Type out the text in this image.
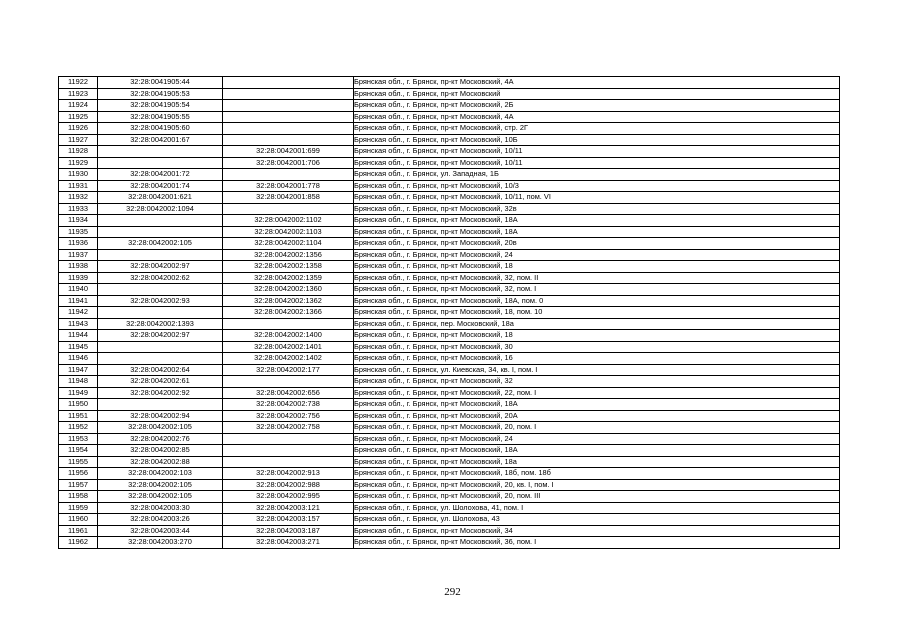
11922	32:28:0041905:44		Брянская обл., г. Брянск, пр-кт Московский, 4А
11923	32:28:0041905:53		Брянская обл., г. Брянск, пр-кт Московский
11924	32:28:0041905:54		Брянская обл., г. Брянск, пр-кт Московский, 2Б
11925	32:28:0041905:55		Брянская обл., г. Брянск, пр-кт Московский, 4А
11926	32:28:0041905:60		Брянская обл., г. Брянск, пр-кт Московский, стр. 2Г
11927	32:28:0042001:67		Брянская обл., г. Брянск, пр-кт Московский, 10Б
11928		32:28:0042001:699	Брянская обл., г. Брянск, пр-кт Московский, 10/11
11929		32:28:0042001:706	Брянская обл., г. Брянск, пр-кт Московский, 10/11
11930	32:28:0042001:72		Брянская обл., г. Брянск, ул. Западная, 1Б
11931	32:28:0042001:74	32:28:0042001:778	Брянская обл., г. Брянск, пр-кт Московский, 10/3
11932	32:28:0042001:621	32:28:0042001:858	Брянская обл., г. Брянск, пр-кт Московский, 10/11, пом. VI
11933	32:28:0042002:1094		Брянская обл., г. Брянск, пр-кт Московский, 32в
11934		32:28:0042002:1102	Брянская обл., г. Брянск, пр-кт Московский, 18А
11935		32:28:0042002:1103	Брянская обл., г. Брянск, пр-кт Московский, 18А
11936	32:28:0042002:105	32:28:0042002:1104	Брянская обл., г. Брянск, пр-кт Московский, 20в
11937		32:28:0042002:1356	Брянская обл., г. Брянск, пр-кт Московский, 24
11938	32:28:0042002:97	32:28:0042002:1358	Брянская обл., г. Брянск, пр-кт Московский, 18
11939	32:28:0042002:62	32:28:0042002:1359	Брянская обл., г. Брянск, пр-кт Московский, 32, пом. II
11940		32:28:0042002:1360	Брянская обл., г. Брянск, пр-кт Московский, 32, пом. I
11941	32:28:0042002:93	32:28:0042002:1362	Брянская обл., г. Брянск, пр-кт Московский, 18А, пом. 0
11942		32:28:0042002:1366	Брянская обл., г. Брянск, пр-кт Московский, 18, пом. 10
11943	32:28:0042002:1393		Брянская обл., г. Брянск, пер. Московский, 18а
11944	32:28:0042002:97	32:28:0042002:1400	Брянская обл., г. Брянск, пр-кт Московский, 18
11945		32:28:0042002:1401	Брянская обл., г. Брянск, пр-кт Московский, 30
11946		32:28:0042002:1402	Брянская обл., г. Брянск, пр-кт Московский, 16
11947	32:28:0042002:64	32:28:0042002:177	Брянская обл., г. Брянск, ул. Киевская, 34, кв. I, пом. I
11948	32:28:0042002:61		Брянская обл., г. Брянск, пр-кт Московский, 32
11949	32:28:0042002:92	32:28:0042002:656	Брянская обл., г. Брянск, пр-кт Московский, 22, пом. I
11950		32:28:0042002:738	Брянская обл., г. Брянск, пр-кт Московский, 18А
11951	32:28:0042002:94	32:28:0042002:756	Брянская обл., г. Брянск, пр-кт Московский, 20А
11952	32:28:0042002:105	32:28:0042002:758	Брянская обл., г. Брянск, пр-кт Московский, 20, пом. I
11953	32:28:0042002:76		Брянская обл., г. Брянск, пр-кт Московский, 24
11954	32:28:0042002:85		Брянская обл., г. Брянск, пр-кт Московский, 18А
11955	32:28:0042002:88		Брянская обл., г. Брянск, пр-кт Московский, 18а
11956	32:28:0042002:103	32:28:0042002:913	Брянская обл., г. Брянск, пр-кт Московский, 18б, пом. 18б
11957	32:28:0042002:105	32:28:0042002:988	Брянская обл., г. Брянск, пр-кт Московский, 20, кв. I, пом. I
11958	32:28:0042002:105	32:28:0042002:995	Брянская обл., г. Брянск, пр-кт Московский, 20, пом. III
11959	32:28:0042003:30	32:28:0042003:121	Брянская обл., г. Брянск, ул. Шолохова, 41, пом. I
11960	32:28:0042003:26	32:28:0042003:157	Брянская обл., г. Брянск, ул. Шолохова, 43
11961	32:28:0042003:44	32:28:0042003:187	Брянская обл., г. Брянск, пр-кт Московский, 34
11962	32:28:0042003:270	32:28:0042003:271	Брянская обл., г. Брянск, пр-кт Московский, 36, пом. I
292
